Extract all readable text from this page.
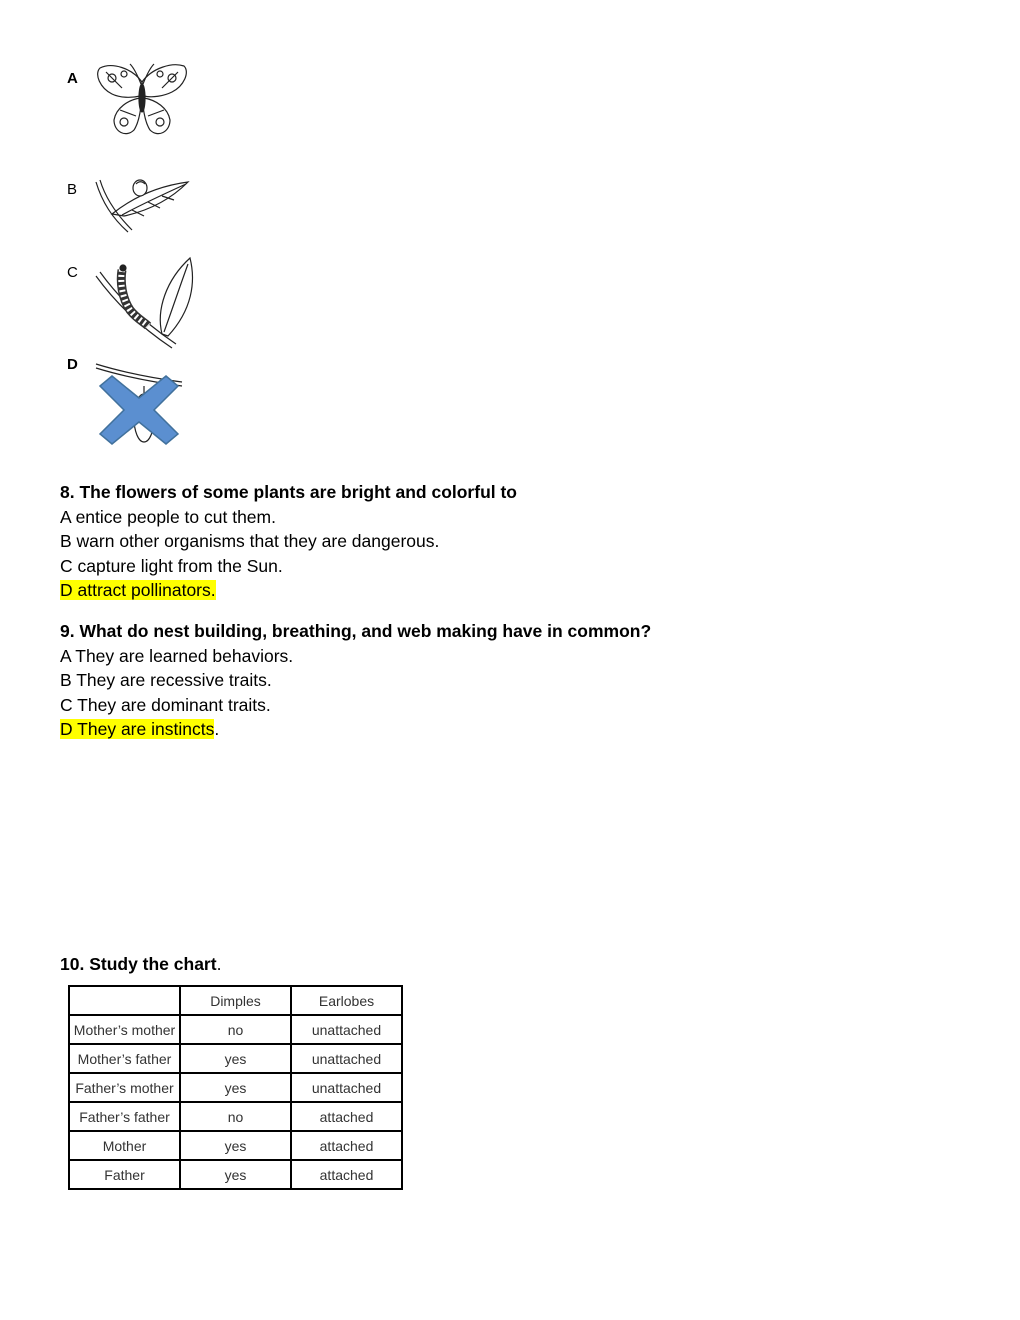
A
B
C
D
8. The flowers of some plants are bright and colorful to
A entice people to cut them.
B warn other organisms that they are dangerous.
C capture light from the Sun.
D attract pollinators.
9. What do nest building, breathing, and web making have in common?
A They are learned behaviors.
B They are recessive traits.
C They are dominant traits.
D They are instincts.
10. Study the chart.
	Dimples	Earlobes
Mother’s mother	no	unattached
Mother’s father	yes	unattached
Father’s mother	yes	unattached
Father’s father	no	attached
Mother	yes	attached
Father	yes	attached
